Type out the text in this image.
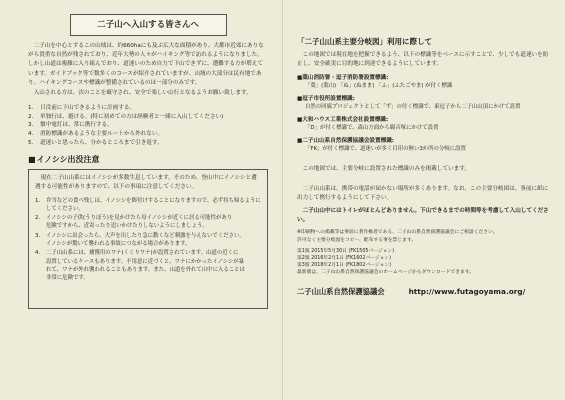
二子山へ入山する皆さんへ
二子山を中心とするこの山域は、約660haにも及ぶ広大な面積があり、大都市近郊にありながら貴重な自然が残されており、近年大勢の人々がハイキング等で訪れるようになりました。しかし山道は複雑に入り組んでおり、道迷いのため自力で下山できずに、遭難する方が増えています。ガイドブック等で数多くのコースが紹介されていますが、山域の大部分は民有地であり、ハイキングコースや標識が整備されているのは一部分のみです。
入山される方は、次のことを厳守され、安全で楽しい山行となるようお願い致します。
1.	日没前に下山できるように計画する。
2.	単独行は、避ける。(特に初めての方は経験者と一緒に入山してください)
3.	懐中電灯は、常に携行する。
4.	消防標識があるような主要ルートから外れない。
5.	道迷いと思ったら、分かるところまで引き返す。
■イノシシ出没注意
現在二子山山系にはイノシシが多数生息しています。そのため、登山中にイノシシと遭遇する可能性がありますので、以下の事項に注意してください。
1.	弁当などの食べ残しは、イノシシを餌付けすることになりますので、必ず持ち帰るようにしてください。
2.	イノシシの子供(うりぼう)を見かけたら母イノシシが近くに居る可能性があり
危険ですから、近寄ったり追いかけたりしないようにしましょう。
3.	イノシシに出会ったら、大声を出したり急に動くなど刺激を与えないでください。
イノシシが驚いて襲われる事故につながる場合があります。
4.	二子山山系には、捕獲用のワナ(くくりワナ)が設置されています。山道の近くに
設置しているケースもあります。不用意に近づくと、ワナにかかったイノシシが暴
れて、ワナが外れ襲われることもあります。また、山道を外れて山中に入ることは
非常に危険です。
「二子山山系主要分岐図」利用に際して
この地図では現在地を把握できるよう、以下の標識等をベースに示すことで、少しでも道迷いを防止し、安全確実に目的地に到達できるようにしています。
■葉山消防署・逗子消防署設置標識:
「葉」(葉山) 「ぬ」(ぬまま) 「ふ」(ふたごやま) が付く標識
■逗子市役所設置標識:
自然の回廊プロジェクトとして「ず」の付く標識で、東逗子から二子山山頂にかけて設置
■大和ハウス工業株式会社設置標識:
「D」が付く標識で、森山方面から観音塚にかけて設置
■二子山山系自然保護協議会設置標識:
「FK」が付く標識で、道迷いが多く目印の無い3か所の分岐に設置
この地図では、主要分岐に設置された標識のみを掲載しています。
二子山山系は、携帯の電話が届かない場所が多くあります。なお、この主要分岐図は、事前に紙に出力して携行するようにして下さい。
二子山山中にはトイレがほとんどありません。下山できるまでの時間等を考慮して入山してください。
※印刷物への掲載等は事前に著作権者である、二子山山系自然保護協議会にご相談ください。
許可なく主要分岐図をコピー、配布する事を禁じます。
第1版 2015年5月30日 (FK1505バージョン)
第2版 2016年2月1日 (FK1602バージョン)
第3版 2018年2月1日 (FK1802バージョン)
最新版は、二子山山系自然保護協議会のホームページからダウンロードできます。
二子山山系自然保護協議会	http://www.futagoyama.org/
